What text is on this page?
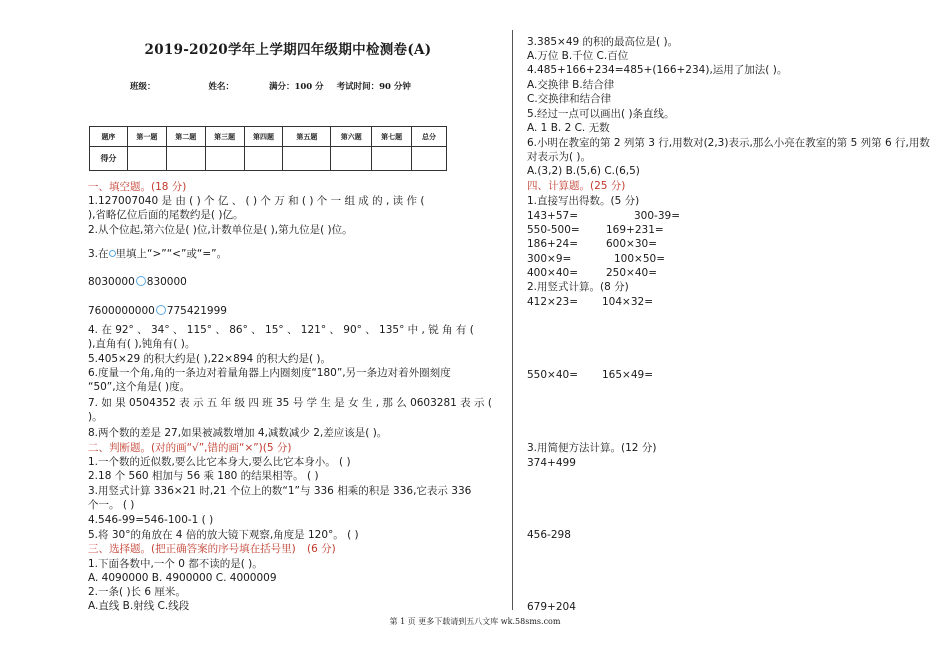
2019-2020学年上学期四年级期中检测卷(A)
班级：	姓名：	满分：100 分 考试时间：90 分钟
题序	第一题	第二题	第三题	第四题	第五题	第六题	第七题	总分
得分								
一、填空题。(18 分)
1.127007040 是 由 ( ) 个 亿 、 ( ) 个 万 和 ( ) 个 一 组 成 的 , 读 作 (
),省略亿位后面的尾数约是( )亿。
2.从个位起,第六位是( )位,计数单位是( ),第九位是( )位。
3.在 里填上“>”“<”或“=”。
8030000 830000
7600000000 775421999
4. 在 92° 、 34° 、 115° 、 86° 、 15° 、 121° 、 90° 、 135° 中 , 锐 角 有 (
),直角有( ),钝角有( )。
5.405×29 的积大约是( ),22×894 的积大约是( )。
6.度量一个角,角的一条边对着量角器上内圈刻度“180”,另一条边对着外圈刻度
“50”,这个角是( )度。
7. 如 果 0504352 表 示 五 年 级 四 班 35 号 学 生 是 女 生 , 那 么 0603281 表 示 (
)。
8.两个数的差是 27,如果被减数增加 4,减数减少 2,差应该是( )。
二、判断题。(对的画“√”,错的画“×”)(5 分)
1.一个数的近似数,要么比它本身大,要么比它本身小。 ( )
2.18 个 560 相加与 56 乘 180 的结果相等。 ( )
3.用竖式计算 336×21 时,21 个位上的数“1”与 336 相乘的积是 336,它表示 336
个一。 ( )
4.546-99=546-100-1 ( )
5.将 30°的角放在 4 倍的放大镜下观察,角度是 120°。 ( )
三、选择题。(把正确答案的序号填在括号里) (6 分)
1.下面各数中,一个 0 都不读的是( )。
A. 4090000 B. 4900000 C. 4000009
2.一条( )长 6 厘米。
A.直线 B.射线 C.线段
3.385×49 的积的最高位是( )。
A.万位 B.千位 C.百位
4.485+166+234=485+(166+234),运用了加法( )。
A.交换律 B.结合律
C.交换律和结合律
5.经过一点可以画出( )条直线。
A. 1 B. 2 C. 无数
6.小明在教室的第 2 列第 3 行,用数对(2,3)表示,那么小亮在教室的第 5 列第 6 行,用数
对表示为( )。
A.(3,2) B.(5,6) C.(6,5)
四、计算题。(25 分)
1.直接写出得数。(5 分)
143+57=	300-39=
550-500=	169+231=
186+24=	600×30=
300×9=	100×50=
400×40=	250×40=
2.用竖式计算。(8 分)
412×23= 104×32=
550×40= 165×49=
3.用简便方法计算。(12 分)
374+499
456-298
679+204
第 1 页 更多下载请到五八文库 wk.58sms.com
